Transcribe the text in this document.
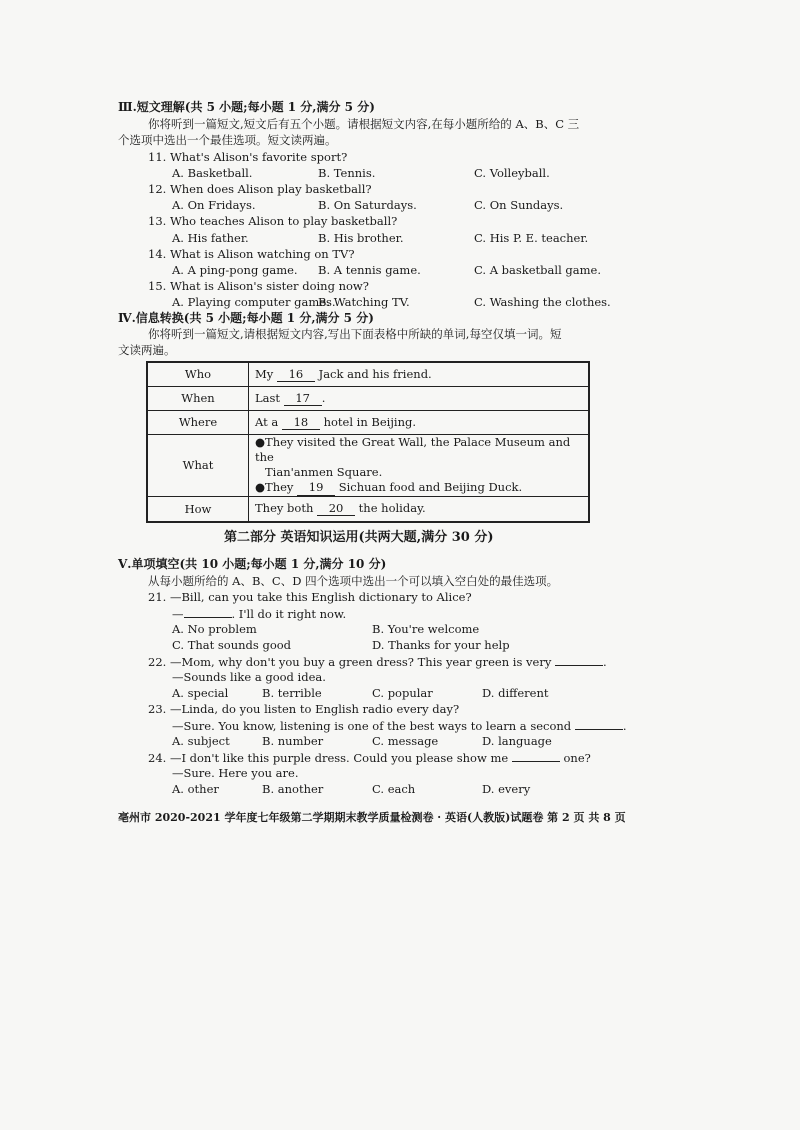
Ⅲ.短文理解(共 5 小题;每小题 1 分,满分 5 分)
你将听到一篇短文,短文后有五个小题。请根据短文内容,在每小题所给的 A、B、C 三
个选项中选出一个最佳选项。短文读两遍。
11. What's Alison's favorite sport?
A. Basketball.	B. Tennis.	C. Volleyball.
12. When does Alison play basketball?
A. On Fridays.	B. On Saturdays.	C. On Sundays.
13. Who teaches Alison to play basketball?
A. His father.	B. His brother.	C. His P. E. teacher.
14. What is Alison watching on TV?
A. A ping-pong game. B. A tennis game.	C. A basketball game.
15. What is Alison's sister doing now?
A. Playing computer games.
B. Watching TV.	C. Washing the clothes.
Ⅳ.信息转换(共 5 小题;每小题 1 分,满分 5 分)
你将听到一篇短文,请根据短文内容,写出下面表格中所缺的单词,每空仅填一词。短
文读两遍。
Who	My 16 Jack and his friend.
When	Last 17 .
Where	At a 18 hotel in Beijing.
What	●They visited the Great Wall, the Palace Museum and the
Tian'anmen Square.
●They 19 Sichuan food and Beijing Duck.

How	They both 20 the holiday.
第二部分 英语知识运用(共两大题,满分 30 分)
Ⅴ.单项填空(共 10 小题;每小题 1 分,满分 10 分)
从每小题所给的 A、B、C、D 四个选项中选出一个可以填入空白处的最佳选项。
21. —Bill, can you take this English dictionary to Alice?
—	. I'll do it right now.
A. No problem	B. You're welcome
C. That sounds good	D. Thanks for your help
22. —Mom, why don't you buy a green dress? This year green is very	.
—Sounds like a good idea.
A. special	B. terrible	C. popular	D. different
23. —Linda, do you listen to English radio every day?
—Sure. You know, listening is one of the best ways to learn a second	.
A. subject	B. number	C. message	D. language
24. —I don't like this purple dress. Could you please show me	one?
—Sure. Here you are.
A. other	B. another	C. each	D. every
亳州市 2020-2021 学年度七年级第二学期期末教学质量检测卷 · 英语(人教版)试题卷 第 2 页 共 8 页
